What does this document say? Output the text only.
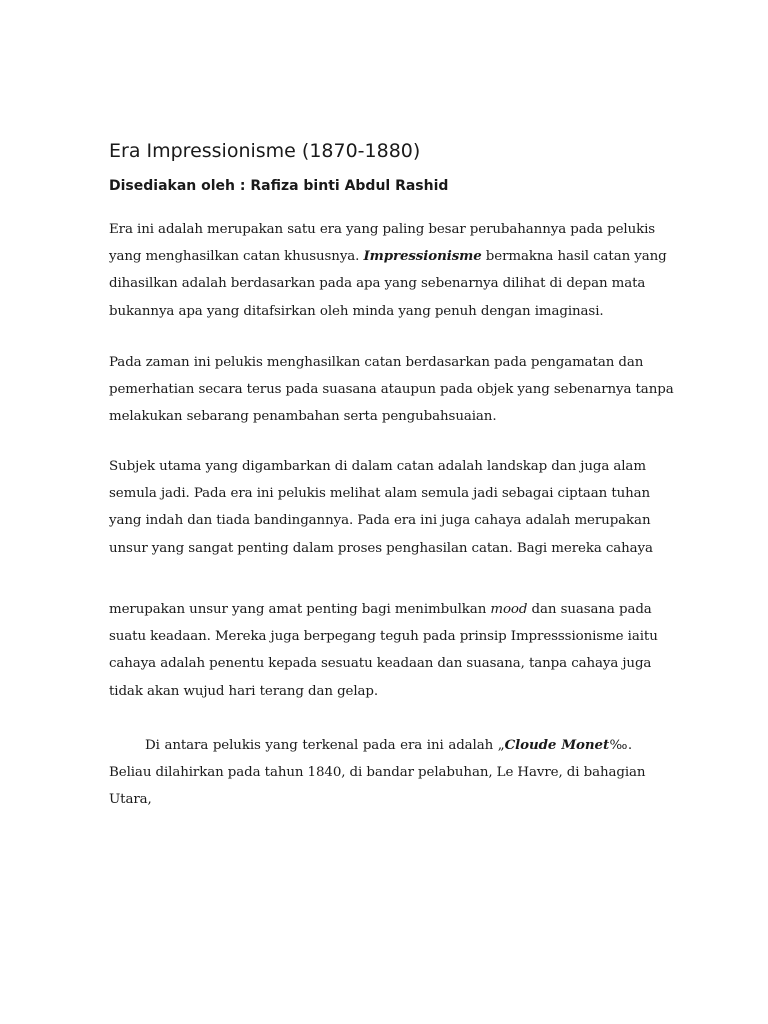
Era Impressionisme (1870-1880)
Disediakan oleh : Rafiza binti Abdul Rashid

Era ini adalah merupakan satu era yang paling besar perubahannya pada pelukis
yang menghasilkan catan khususnya. Impressionisme bermakna hasil catan yang
dihasilkan adalah berdasarkan pada apa yang sebenarnya dilihat di depan mata
bukannya apa yang ditafsirkan oleh minda yang penuh dengan imaginasi.

Pada zaman ini pelukis menghasilkan catan berdasarkan pada pengamatan dan
pemerhatian secara terus pada suasana ataupun pada objek yang sebenarnya tanpa
melakukan sebarang penambahan serta pengubahsuaian.

Subjek utama yang digambarkan di dalam catan adalah landskap dan juga alam
semula jadi. Pada era ini pelukis melihat alam semula jadi sebagai ciptaan tuhan
yang indah dan tiada bandingannya. Pada era ini juga cahaya adalah merupakan
unsur yang sangat penting dalam proses penghasilan catan. Bagi mereka cahaya

merupakan unsur yang amat penting bagi menimbulkan mood dan suasana pada
suatu keadaan. Mereka juga berpegang teguh pada prinsip Impresssionisme iaitu
cahaya adalah penentu kepada sesuatu keadaan dan suasana, tanpa cahaya juga
tidak akan wujud hari terang dan gelap.

Di antara pelukis yang terkenal pada era ini adalah „Cloude Monet‰.
Beliau dilahirkan pada tahun 1840, di bandar pelabuhan, Le Havre, di bahagian
Utara,
